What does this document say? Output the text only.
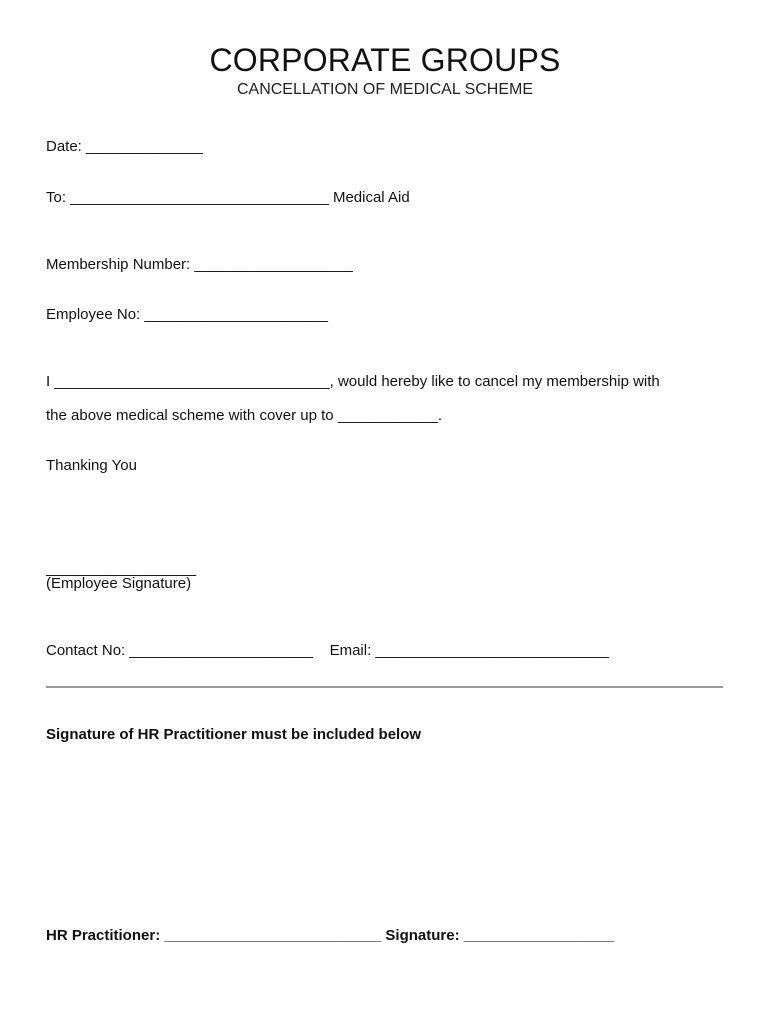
CORPORATE GROUPS
CANCELLATION OF MEDICAL SCHEME
Date: ______________
To: _______________________________ Medical Aid
Membership Number: ___________________
Employee No: ______________________
I _________________________________, would hereby like to cancel my membership with
the above medical scheme with cover up to ____________.
Thanking You
__________________
(Employee Signature)
Contact No: ______________________    Email: ____________________________
Signature of HR Practitioner must be included below
HR Practitioner: __________________________ Signature: __________________
